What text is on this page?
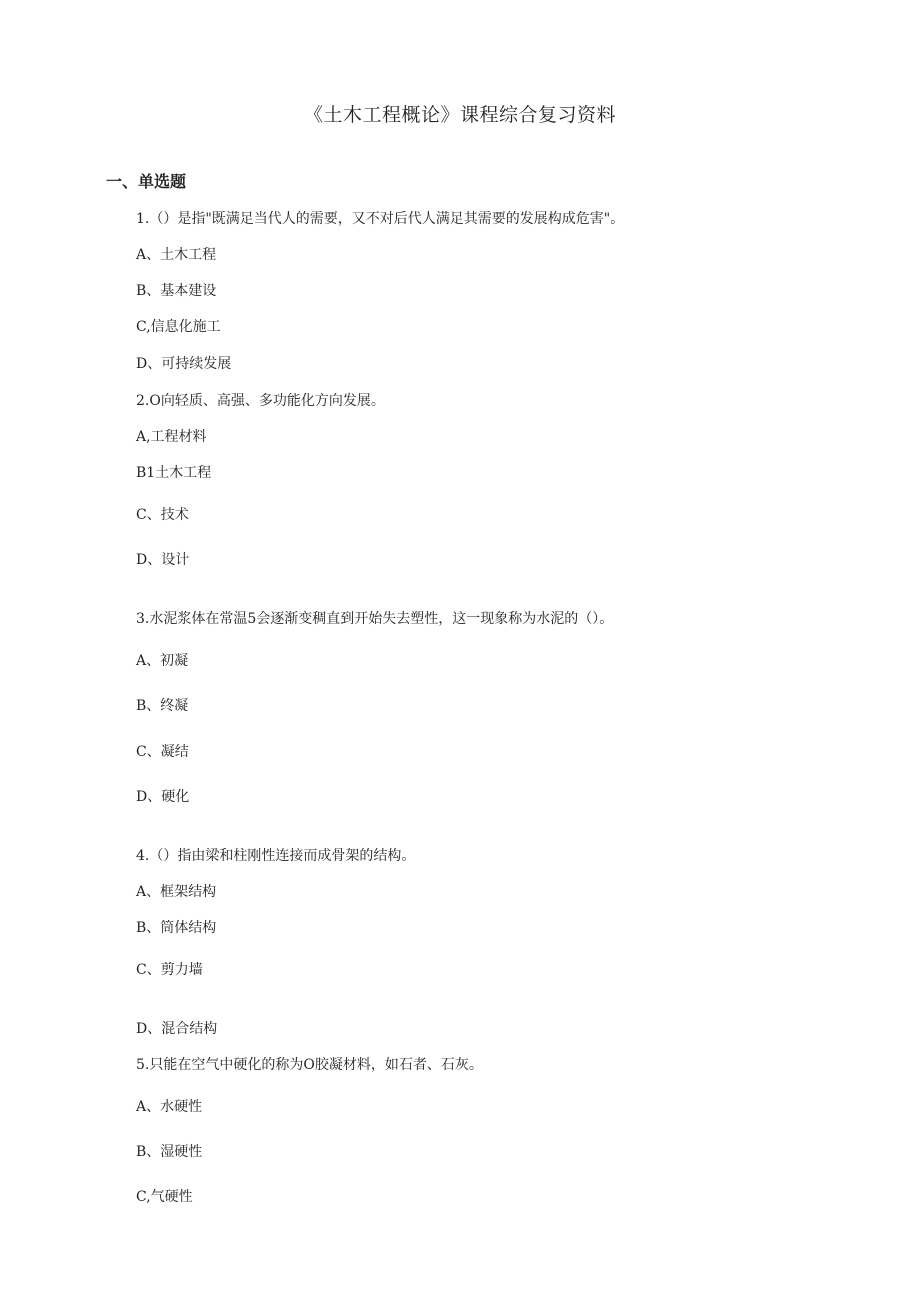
《土木工程概论》课程综合复习资料
一、单选题
1.（）是指"既满足当代人的需要，又不对后代人满足其需要的发展构成危害"。
A、土木工程
B、基本建设
C,信息化施工
D、可持续发展
2.O向轻质、高强、多功能化方向发展。
A,工程材料
B1土木工程
C、技术
D、设计
3.水泥浆体在常温5会逐渐变稠直到开始失去塑性，这一现象称为水泥的（）。
A、初凝
B、终凝
C、凝结
D、硬化
4.（）指由梁和柱刚性连接而成骨架的结构。
A、框架结构
B、筒体结构
C、剪力墙
D、混合结构
5.只能在空气中硬化的称为O胶凝材料，如石者、石灰。
A、水硬性
B、湿硬性
C,气硬性
